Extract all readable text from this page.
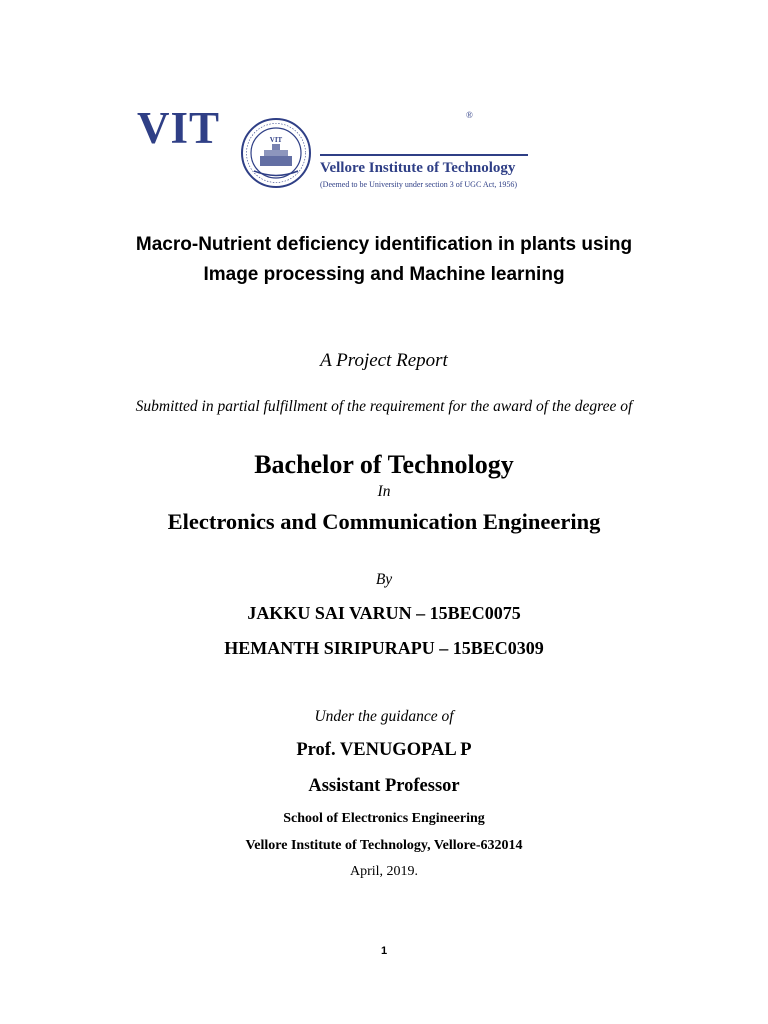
VIT
VIT	®
Vellore Institute of Technology
(Deemed to be University under section 3 of UGC Act, 1956)
Macro-Nutrient deficiency identification in plants using
Image processing and Machine learning
A Project Report
Submitted in partial fulfillment of the requirement for the award of the degree of
Bachelor of Technology
In
Electronics and Communication Engineering
By
JAKKU SAI VARUN – 15BEC0075
HEMANTH SIRIPURAPU – 15BEC0309
Under the guidance of
Prof. VENUGOPAL P
Assistant Professor
School of Electronics Engineering
Vellore Institute of Technology, Vellore-632014
April, 2019.
1
